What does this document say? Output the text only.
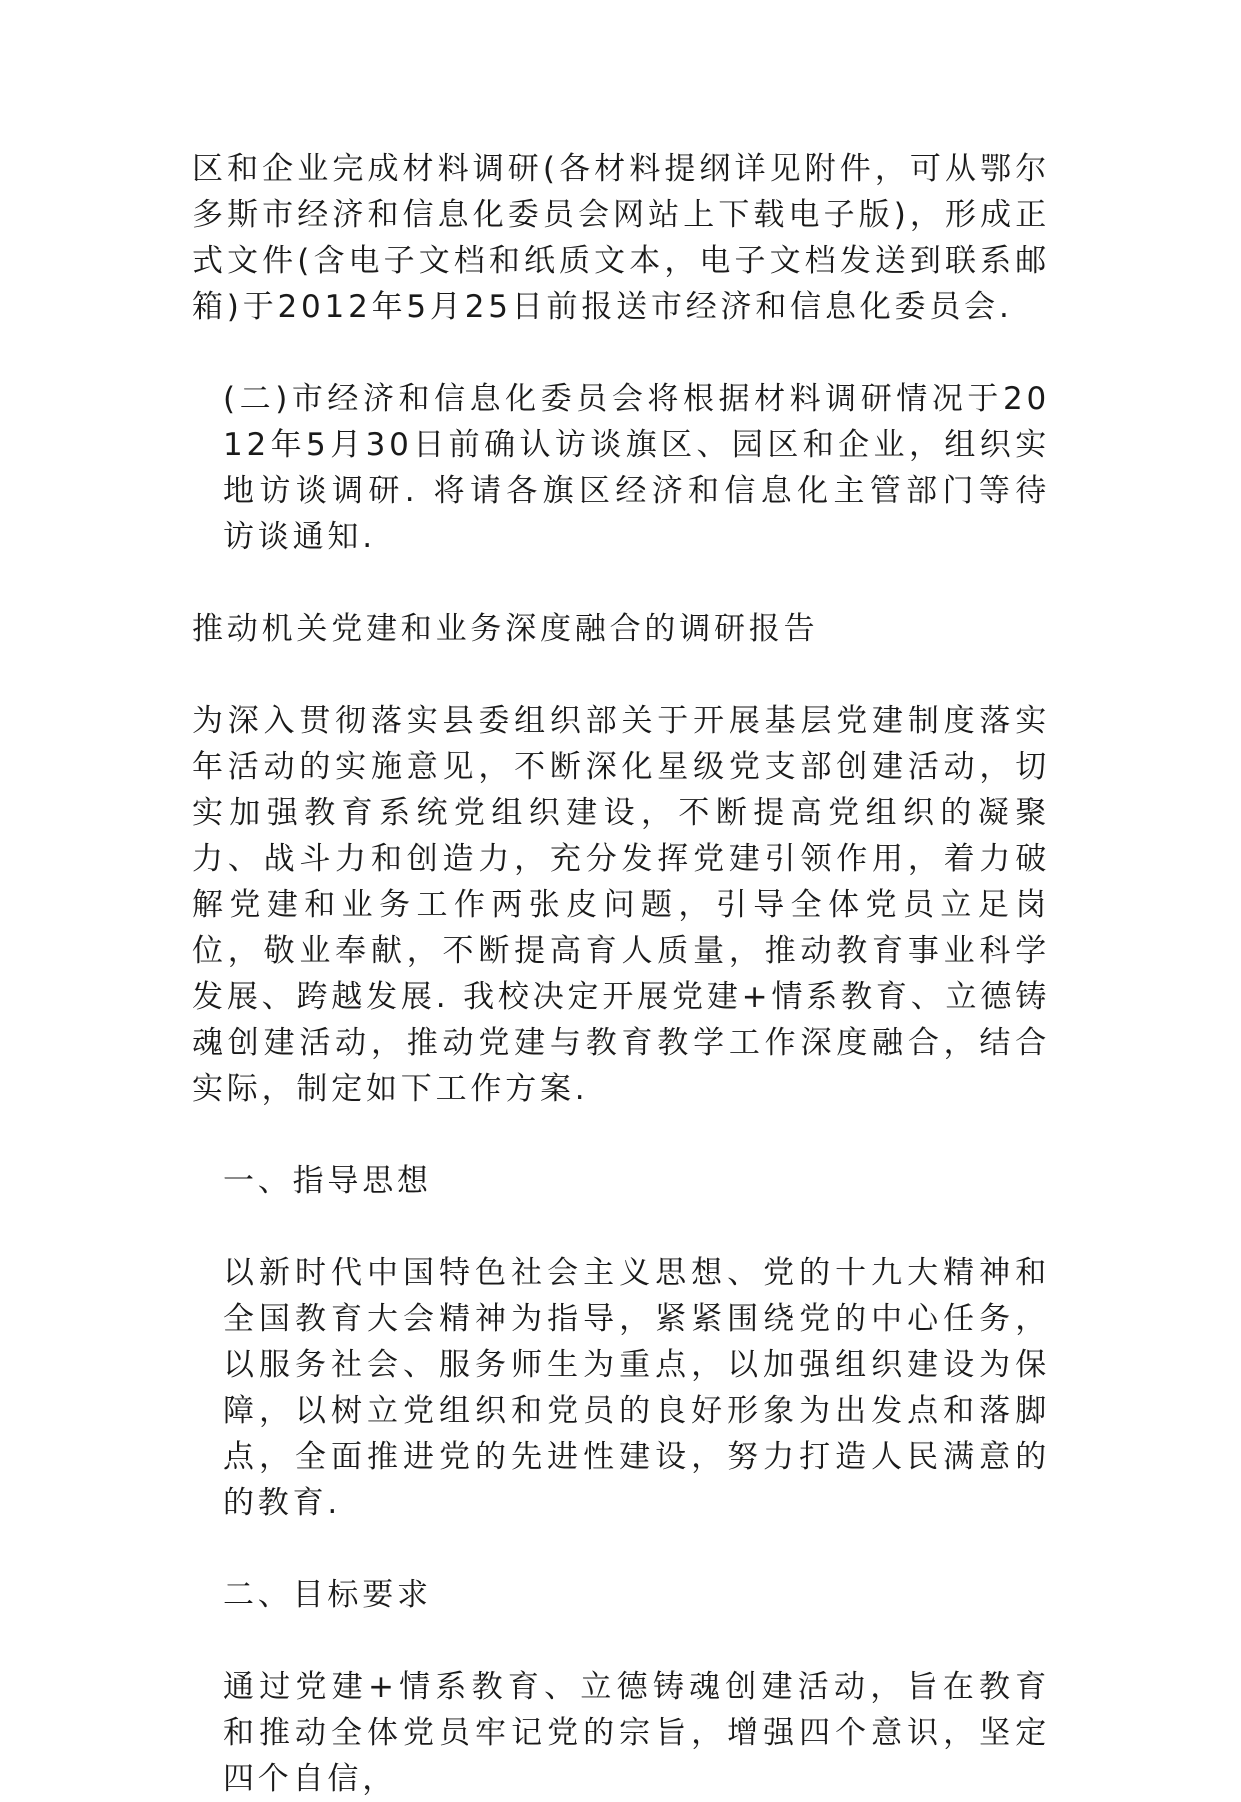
区和企业完成材料调研(各材料提纲详见附件，可从鄂尔多斯市经济和信息化委员会网站上下载电子版)，形成正式文件(含电子文档和纸质文本，电子文档发送到联系邮箱)于2012年5月25日前报送市经济和信息化委员会.

(二)市经济和信息化委员会将根据材料调研情况于2012年5月30日前确认访谈旗区、园区和企业，组织实地访谈调研. 将请各旗区经济和信息化主管部门等待访谈通知.

推动机关党建和业务深度融合的调研报告

为深入贯彻落实县委组织部关于开展基层党建制度落实年活动的实施意见，不断深化星级党支部创建活动，切实加强教育系统党组织建设，不断提高党组织的凝聚力、战斗力和创造力，充分发挥党建引领作用，着力破解党建和业务工作两张皮问题，引导全体党员立足岗位，敬业奉献，不断提高育人质量，推动教育事业科学发展、跨越发展. 我校决定开展党建+情系教育、立德铸魂创建活动，推动党建与教育教学工作深度融合，结合实际，制定如下工作方案.

一、指导思想

以新时代中国特色社会主义思想、党的十九大精神和全国教育大会精神为指导，紧紧围绕党的中心任务，以服务社会、服务师生为重点，以加强组织建设为保障，以树立党组织和党员的良好形象为出发点和落脚点，全面推进党的先进性建设，努力打造人民满意的的教育.

二、目标要求

通过党建+情系教育、立德铸魂创建活动，旨在教育和推动全体党员牢记党的宗旨，增强四个意识，坚定四个自信，
